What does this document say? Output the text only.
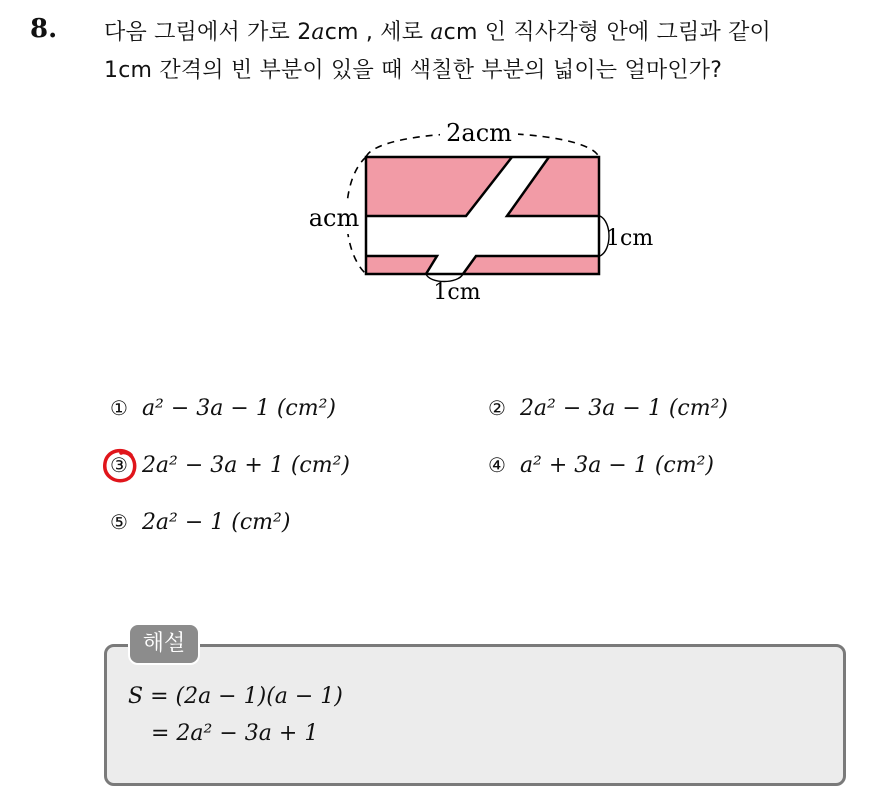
8. 다음 그림에서 가로 2acm , 세로 acm 인 직사각형 안에 그림과 같이
1cm 간격의 빈 부분이 있을 때 색칠한 부분의 넓이는 얼마인가?
2acm
acm
1cm
1cm
① a² − 3a − 1 (cm²)	② 2a² − 3a − 1 (cm²)
③ 2a² − 3a + 1 (cm²)	④ a² + 3a − 1 (cm²)
⑤ 2a² − 1 (cm²)
해설
S = (2a − 1)(a − 1)
= 2a² − 3a + 1
